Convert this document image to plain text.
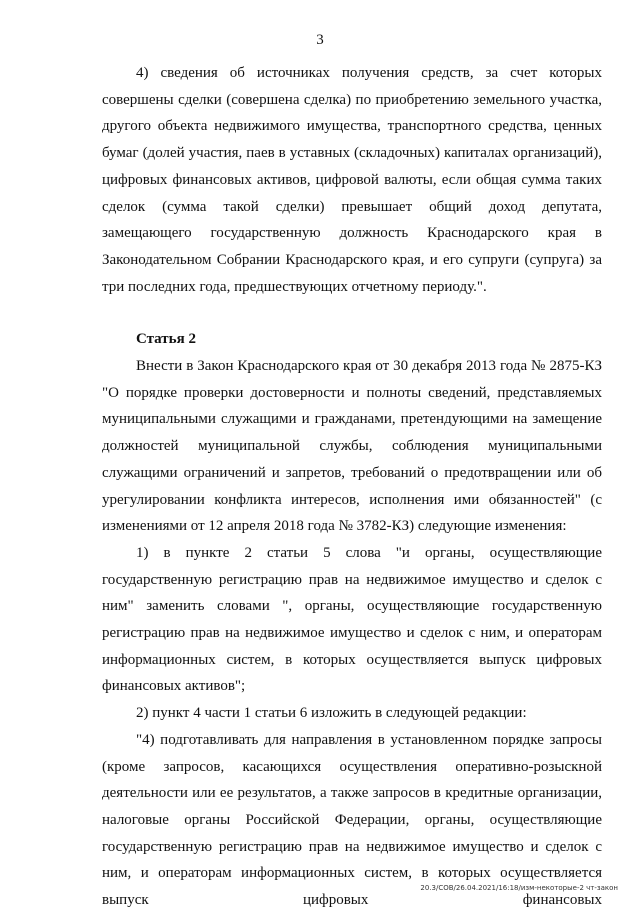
3

4) сведения об источниках получения средств, за счет которых совершены сделки (совершена сделка) по приобретению земельного участка, другого объекта недвижимого имущества, транспортного средства, ценных бумаг (долей участия, паев в уставных (складочных) капиталах организаций), цифровых финансовых активов, цифровой валюты, если общая сумма таких сделок (сумма такой сделки) превышает общий доход депутата, замещающего государственную должность Краснодарского края в Законодательном Собрании Краснодарского края, и его супруги (супруга) за три последних года, предшествующих отчетному периоду.".

Статья 2

Внести в Закон Краснодарского края от 30 декабря 2013 года № 2875-КЗ "О порядке проверки достоверности и полноты сведений, представляемых муниципальными служащими и гражданами, претендующими на замещение должностей муниципальной службы, соблюдения муниципальными служащими ограничений и запретов, требований о предотвращении или об урегулировании конфликта интересов, исполнения ими обязанностей" (с изменениями от 12 апреля 2018 года № 3782-КЗ) следующие изменения:

1) в пункте 2 статьи 5 слова "и органы, осуществляющие государственную регистрацию прав на недвижимое имущество и сделок с ним" заменить словами ", органы, осуществляющие государственную регистрацию прав на недвижимое имущество и сделок с ним, и операторам информационных систем, в которых осуществляется выпуск цифровых финансовых активов";

2) пункт 4 части 1 статьи 6 изложить в следующей редакции:

"4) подготавливать для направления в установленном порядке запросы (кроме запросов, касающихся осуществления оперативно-розыскной деятельности или ее результатов, а также запросов в кредитные организации, налоговые органы Российской Федерации, органы, осуществляющие государственную регистрацию прав на недвижимое имущество и сделок с ним, и операторам информационных систем, в которых осуществляется выпуск цифровых финансовых

20.3/СОВ/26.04.2021/16:18/изм-некоторые-2 чт-закон
